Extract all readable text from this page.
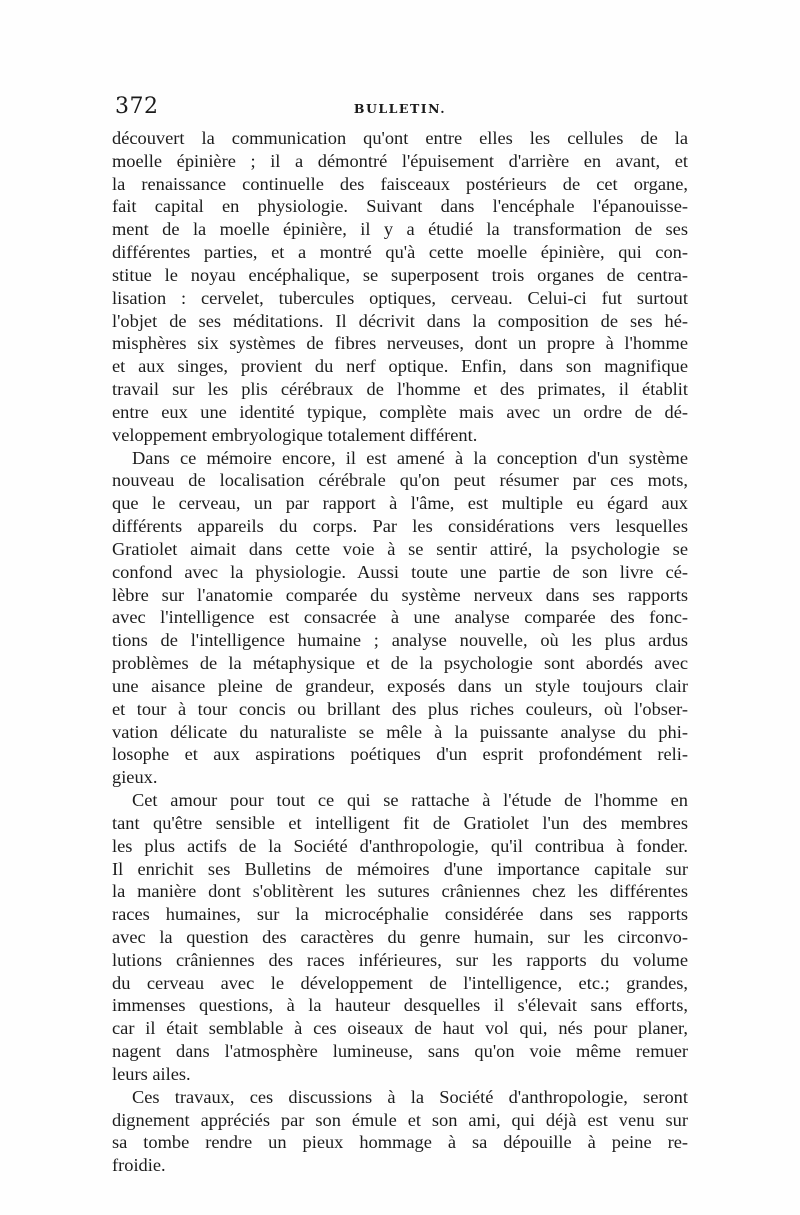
372	BULLETIN.
découvert la communication qu'ont entre elles les cellules de la
moelle épinière ; il a démontré l'épuisement d'arrière en avant, et
la renaissance continuelle des faisceaux postérieurs de cet organe,
fait capital en physiologie. Suivant dans l'encéphale l'épanouisse-
ment de la moelle épinière, il y a étudié la transformation de ses
différentes parties, et a montré qu'à cette moelle épinière, qui con-
stitue le noyau encéphalique, se superposent trois organes de centra-
lisation : cervelet, tubercules optiques, cerveau. Celui-ci fut surtout
l'objet de ses méditations. Il décrivit dans la composition de ses hé-
misphères six systèmes de fibres nerveuses, dont un propre à l'homme
et aux singes, provient du nerf optique. Enfin, dans son magnifique
travail sur les plis cérébraux de l'homme et des primates, il établit
entre eux une identité typique, complète mais avec un ordre de dé-
veloppement embryologique totalement différent.
Dans ce mémoire encore, il est amené à la conception d'un système
nouveau de localisation cérébrale qu'on peut résumer par ces mots,
que le cerveau, un par rapport à l'âme, est multiple eu égard aux
différents appareils du corps. Par les considérations vers lesquelles
Gratiolet aimait dans cette voie à se sentir attiré, la psychologie se
confond avec la physiologie. Aussi toute une partie de son livre cé-
lèbre sur l'anatomie comparée du système nerveux dans ses rapports
avec l'intelligence est consacrée à une analyse comparée des fonc-
tions de l'intelligence humaine ; analyse nouvelle, où les plus ardus
problèmes de la métaphysique et de la psychologie sont abordés avec
une aisance pleine de grandeur, exposés dans un style toujours clair
et tour à tour concis ou brillant des plus riches couleurs, où l'obser-
vation délicate du naturaliste se mêle à la puissante analyse du phi-
losophe et aux aspirations poétiques d'un esprit profondément reli-
gieux.
Cet amour pour tout ce qui se rattache à l'étude de l'homme en
tant qu'être sensible et intelligent fit de Gratiolet l'un des membres
les plus actifs de la Société d'anthropologie, qu'il contribua à fonder.
Il enrichit ses Bulletins de mémoires d'une importance capitale sur
la manière dont s'oblitèrent les sutures crâniennes chez les différentes
races humaines, sur la microcéphalie considérée dans ses rapports
avec la question des caractères du genre humain, sur les circonvo-
lutions crâniennes des races inférieures, sur les rapports du volume
du cerveau avec le développement de l'intelligence, etc.; grandes,
immenses questions, à la hauteur desquelles il s'élevait sans efforts,
car il était semblable à ces oiseaux de haut vol qui, nés pour planer,
nagent dans l'atmosphère lumineuse, sans qu'on voie même remuer
leurs ailes.
Ces travaux, ces discussions à la Société d'anthropologie, seront
dignement appréciés par son émule et son ami, qui déjà est venu sur
sa tombe rendre un pieux hommage à sa dépouille à peine re-
froidie.
